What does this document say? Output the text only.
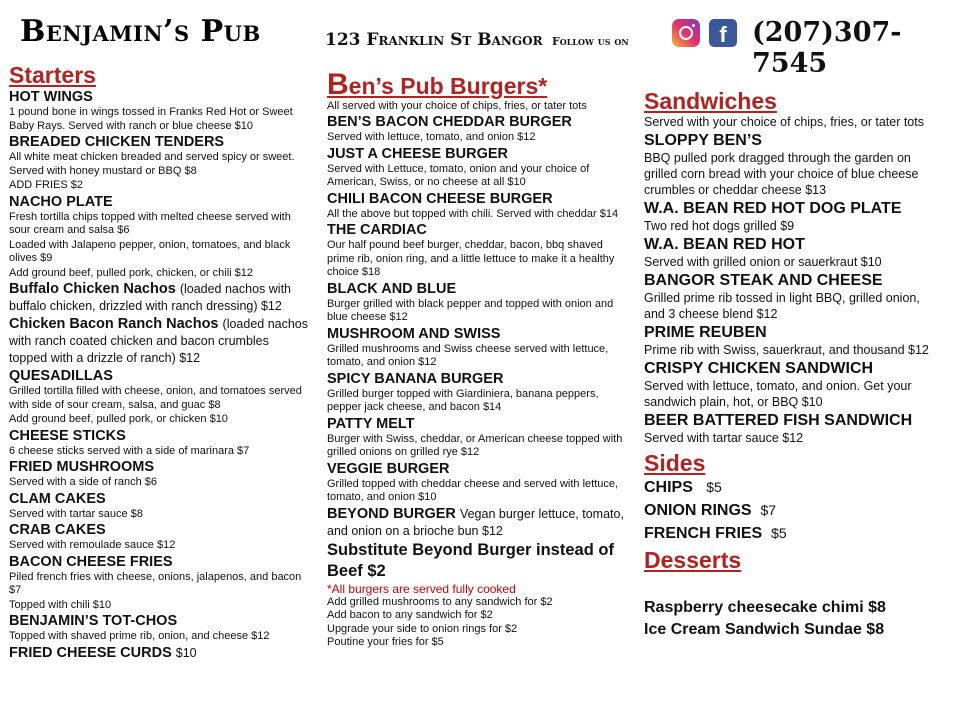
Benjamin’s Pub	123 Franklin St Bangor Follow us on	f (207)307-7545
Starters
HOT WINGS
1 pound bone in wings tossed in Franks Red Hot or Sweet Baby Rays. Served with ranch or blue cheese $10
BREADED CHICKEN TENDERS
All white meat chicken breaded and served spicy or sweet. Served with honey mustard or BBQ $8
ADD FRIES $2
NACHO PLATE
Fresh tortilla chips topped with melted cheese served with sour cream and salsa $6
Loaded with Jalapeno pepper, onion, tomatoes, and black olives $9
Add ground beef, pulled pork, chicken, or chili $12
Buffalo Chicken Nachos (loaded nachos with buffalo chicken, drizzled with ranch dressing) $12
Chicken Bacon Ranch Nachos (loaded nachos with ranch coated chicken and bacon crumbles topped with a drizzle of ranch) $12
QUESADILLAS
Grilled tortilla filled with cheese, onion, and tomatoes served with side of sour cream, salsa, and guac $8
Add ground beef, pulled pork, or chicken $10
CHEESE STICKS
6 cheese sticks served with a side of marinara $7
FRIED MUSHROOMS
Served with a side of ranch $6
CLAM CAKES
Served with tartar sauce $8
CRAB CAKES
Served with remoulade sauce $12
BACON CHEESE FRIES
Piled french fries with cheese, onions, jalapenos, and bacon $7
Topped with chili $10
BENJAMIN’S TOT-CHOS
Topped with shaved prime rib, onion, and cheese $12
FRIED CHEESE CURDS $10
Ben’s Pub Burgers*
All served with your choice of chips, fries, or tater tots
BEN’S BACON CHEDDAR BURGER
Served with lettuce, tomato, and onion $12
JUST A CHEESE BURGER
Served with Lettuce, tomato, onion and your choice of American, Swiss, or no cheese at all $10
CHILI BACON CHEESE BURGER
All the above but topped with chili. Served with cheddar $14
THE CARDIAC
Our half pound beef burger, cheddar, bacon, bbq shaved prime rib, onion ring, and a little lettuce to make it a healthy choice $18
BLACK AND BLUE
Burger grilled with black pepper and topped with onion and blue cheese $12
MUSHROOM AND SWISS
Grilled mushrooms and Swiss cheese served with lettuce, tomato, and onion $12
SPICY BANANA BURGER
Grilled burger topped with Giardiniera, banana peppers, pepper jack cheese, and bacon $14
PATTY MELT
Burger with Swiss, cheddar, or American cheese topped with grilled onions on grilled rye $12
VEGGIE BURGER
Grilled topped with cheddar cheese and served with lettuce, tomato, and onion $10
BEYOND BURGER Vegan burger lettuce, tomato, and onion on a brioche bun $12
Substitute Beyond Burger instead of Beef $2
*All burgers are served fully cooked
Add grilled mushrooms to any sandwich for $2
Add bacon to any sandwich for $2
Upgrade your side to onion rings for $2
Poutine your fries for $5
Sandwiches
Served with your choice of chips, fries, or tater tots
SLOPPY BEN’S
BBQ pulled pork dragged through the garden on grilled corn bread with your choice of blue cheese crumbles or cheddar cheese $13
W.A. BEAN RED HOT DOG PLATE
Two red hot dogs grilled $9
W.A. BEAN RED HOT
Served with grilled onion or sauerkraut $10
BANGOR STEAK AND CHEESE
Grilled prime rib tossed in light BBQ, grilled onion, and 3 cheese blend $12
PRIME REUBEN
Prime rib with Swiss, sauerkraut, and thousand $12
CRISPY CHICKEN SANDWICH
Served with lettuce, tomato, and onion. Get your sandwich plain, hot, or BBQ $10
BEER BATTERED FISH SANDWICH
Served with tartar sauce $12
Sides
CHIPS $5
ONION RINGS $7
FRENCH FRIES $5
Desserts
Raspberry cheesecake chimi $8
Ice Cream Sandwich Sundae $8
